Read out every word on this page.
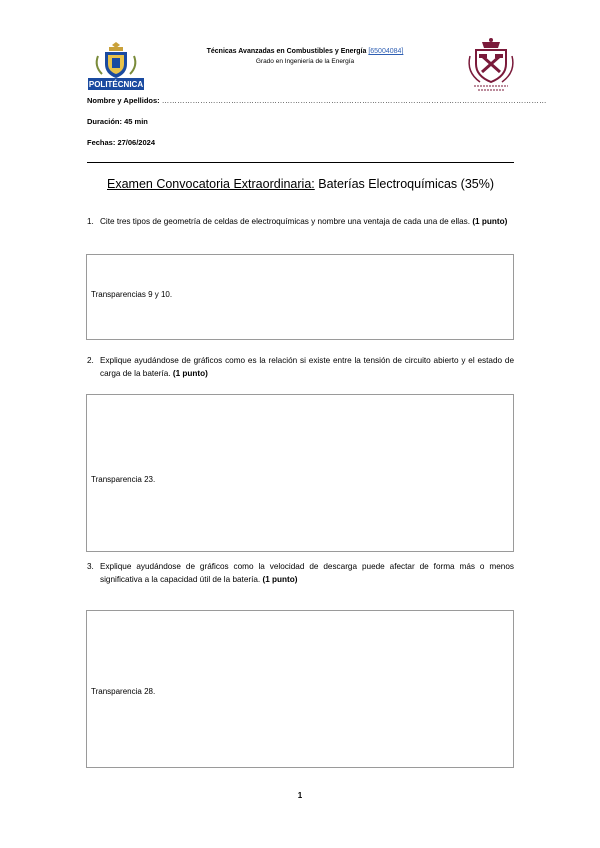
POLITÉCNICA
Técnicas Avanzadas en Combustibles y Energía [65004084]
Grado en Ingeniería de la Energía
Nombre y Apellidos: ……………………………………………………………………………………………………………………………………
Duración: 45 min
Fechas: 27/06/2024
Examen Convocatoria Extraordinaria: Baterías Electroquímicas (35%)
1. Cite tres tipos de geometría de celdas de electroquímicas y nombre una ventaja de cada una de ellas. (1 punto)
Transparencias 9 y 10.
2. Explique ayudándose de gráficos como es la relación si existe entre la tensión de circuito abierto y el estado de carga de la batería. (1 punto)
Transparencia 23.
3. Explique ayudándose de gráficos como la velocidad de descarga puede afectar de forma más o menos significativa a la capacidad útil de la batería. (1 punto)
Transparencia 28.
1
